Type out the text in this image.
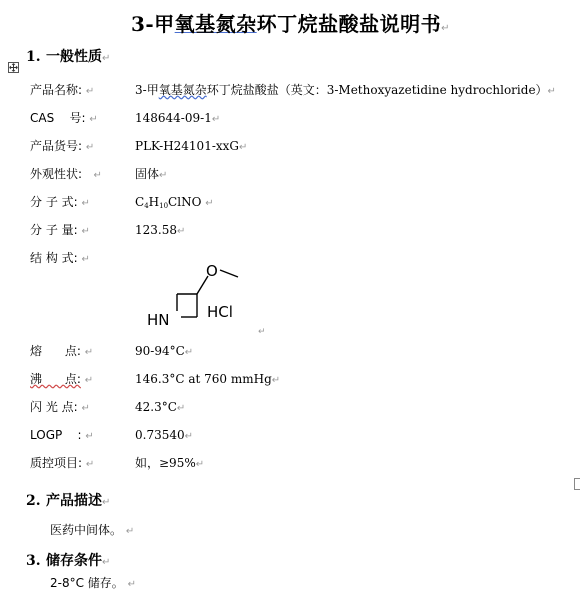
3-甲氧基氮杂环丁烷盐酸盐说明书↵
1. 一般性质↵
产品名称: ↵	3-甲氧基氮杂环丁烷盐酸盐（英文：3-Methoxyazetidine hydrochloride）↵
CAS    号: ↵	148644-09-1↵
产品货号: ↵	PLK-H24101-xxG↵
外观性状: ↵	固体↵
分 子 式: ↵	$C_4H_{10}ClNO$ ↵
分 子 量: ↵	123.58↵
结 构 式: ↵
O
HN	HCl
↵
熔      点: ↵	90-94°C↵
沸      点: ↵	146.3°C at 760 mmHg↵
闪 光 点: ↵	42.3°C↵
LOGP    : ↵	0.73540↵
质控项目: ↵	如，≥95%↵
2. 产品描述↵
医药中间体。 ↵
3. 储存条件↵
2-8°C 储存。 ↵
